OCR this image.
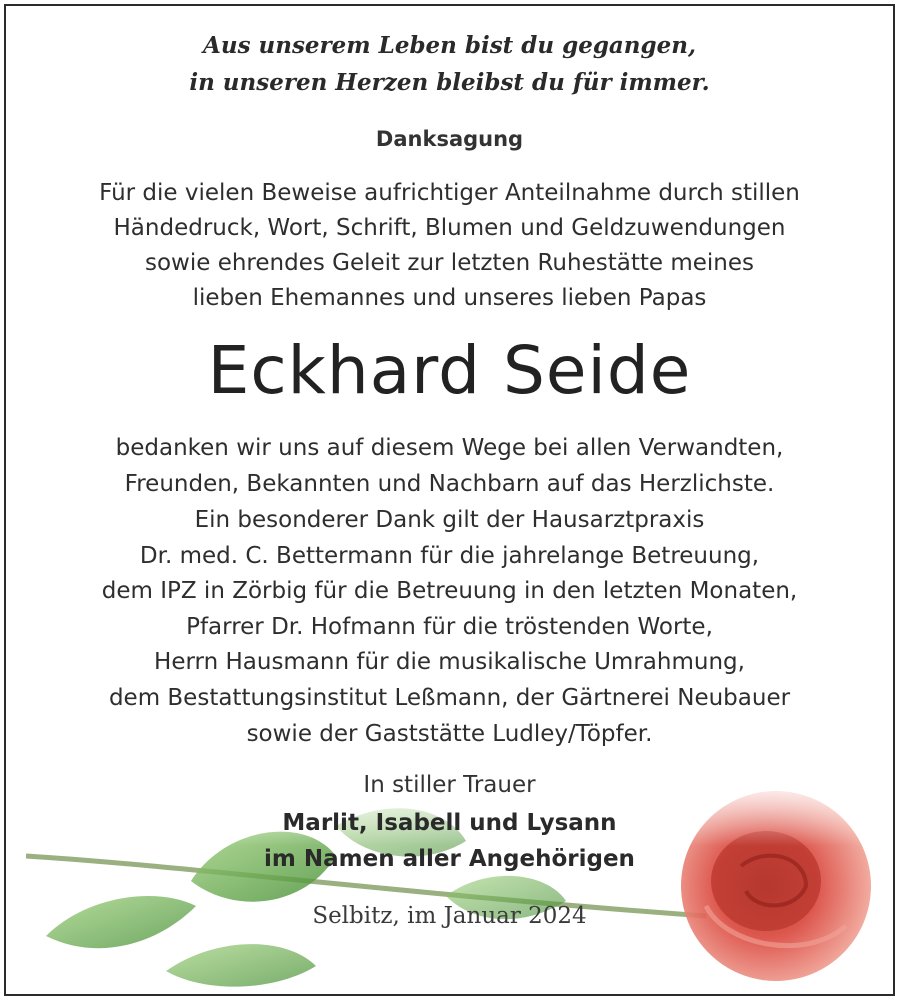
Aus unserem Leben bist du gegangen,
in unseren Herzen bleibst du für immer.
Danksagung
Für die vielen Beweise aufrichtiger Anteilnahme durch stillen
Händedruck, Wort, Schrift, Blumen und Geldzuwendungen
sowie ehrendes Geleit zur letzten Ruhestätte meines
lieben Ehemannes und unseres lieben Papas
Eckhard Seide
bedanken wir uns auf diesem Wege bei allen Verwandten,
Freunden, Bekannten und Nachbarn auf das Herzlichste.
Ein besonderer Dank gilt der Hausarztpraxis
Dr. med. C. Bettermann für die jahrelange Betreuung,
dem IPZ in Zörbig für die Betreuung in den letzten Monaten,
Pfarrer Dr. Hofmann für die tröstenden Worte,
Herrn Hausmann für die musikalische Umrahmung,
dem Bestattungsinstitut Leßmann, der Gärtnerei Neubauer
sowie der Gaststätte Ludley/Töpfer.
In stiller Trauer
Marlit, Isabell und Lysann
im Namen aller Angehörigen
Selbitz, im Januar 2024
